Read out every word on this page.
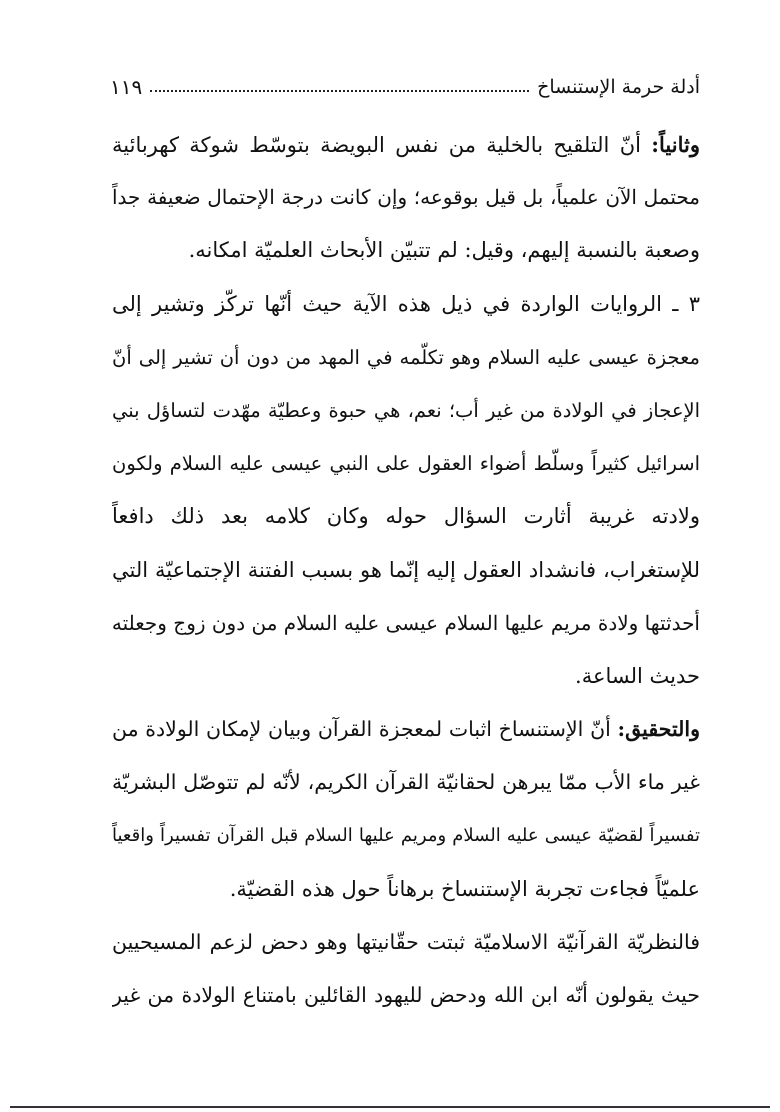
١١٩	أدلة حرمة الإستنساخ
وثانياً: أنّ التلقيح بالخلية من نفس البويضة بتوسّط شوكة كهربائية
محتمل الآن علمياً، بل قيل بوقوعه؛ وإن كانت درجة الإحتمال ضعيفة جداً
وصعبة بالنسبة إليهم، وقيل: لم تتبيّن الأبحاث العلميّة امكانه.
٣ ـ الروايات الواردة في ذيل هذه الآية حيث أنّها تركّز وتشير إلى
معجزة عيسى عليه السلام وهو تكلّمه في المهد من دون أن تشير إلى أنّ
الإعجاز في الولادة من غير أب؛ نعم، هي حبوة وعطيّة مهّدت لتساؤل بني
اسرائيل كثيراً وسلّط أضواء العقول على النبي عيسى عليه السلام ولكون
ولادته غريبة أثارت السؤال حوله وكان كلامه بعد ذلك دافعاً
للإستغراب، فانشداد العقول إليه إنّما هو بسبب الفتنة الإجتماعيّة التي
أحدثتها ولادة مريم عليها السلام عيسى عليه السلام من دون زوج وجعلته
حديث الساعة.
والتحقيق: أنّ الإستنساخ اثبات لمعجزة القرآن وبيان لإمكان الولادة من
غير ماء الأب ممّا يبرهن لحقانيّة القرآن الكريم، لأنّه لم تتوصّل البشريّة
تفسيراً لقضيّة عيسى عليه السلام ومريم عليها السلام قبل القرآن تفسيراً واقعياً
علميّاً فجاءت تجربة الإستنساخ برهاناً حول هذه القضيّة.
فالنظريّة القرآنيّة الاسلاميّة ثبتت حقّانيتها وهو دحض لزعم المسيحيين
حيث يقولون أنّه ابن الله ودحض لليهود القائلين بامتناع الولادة من غير
